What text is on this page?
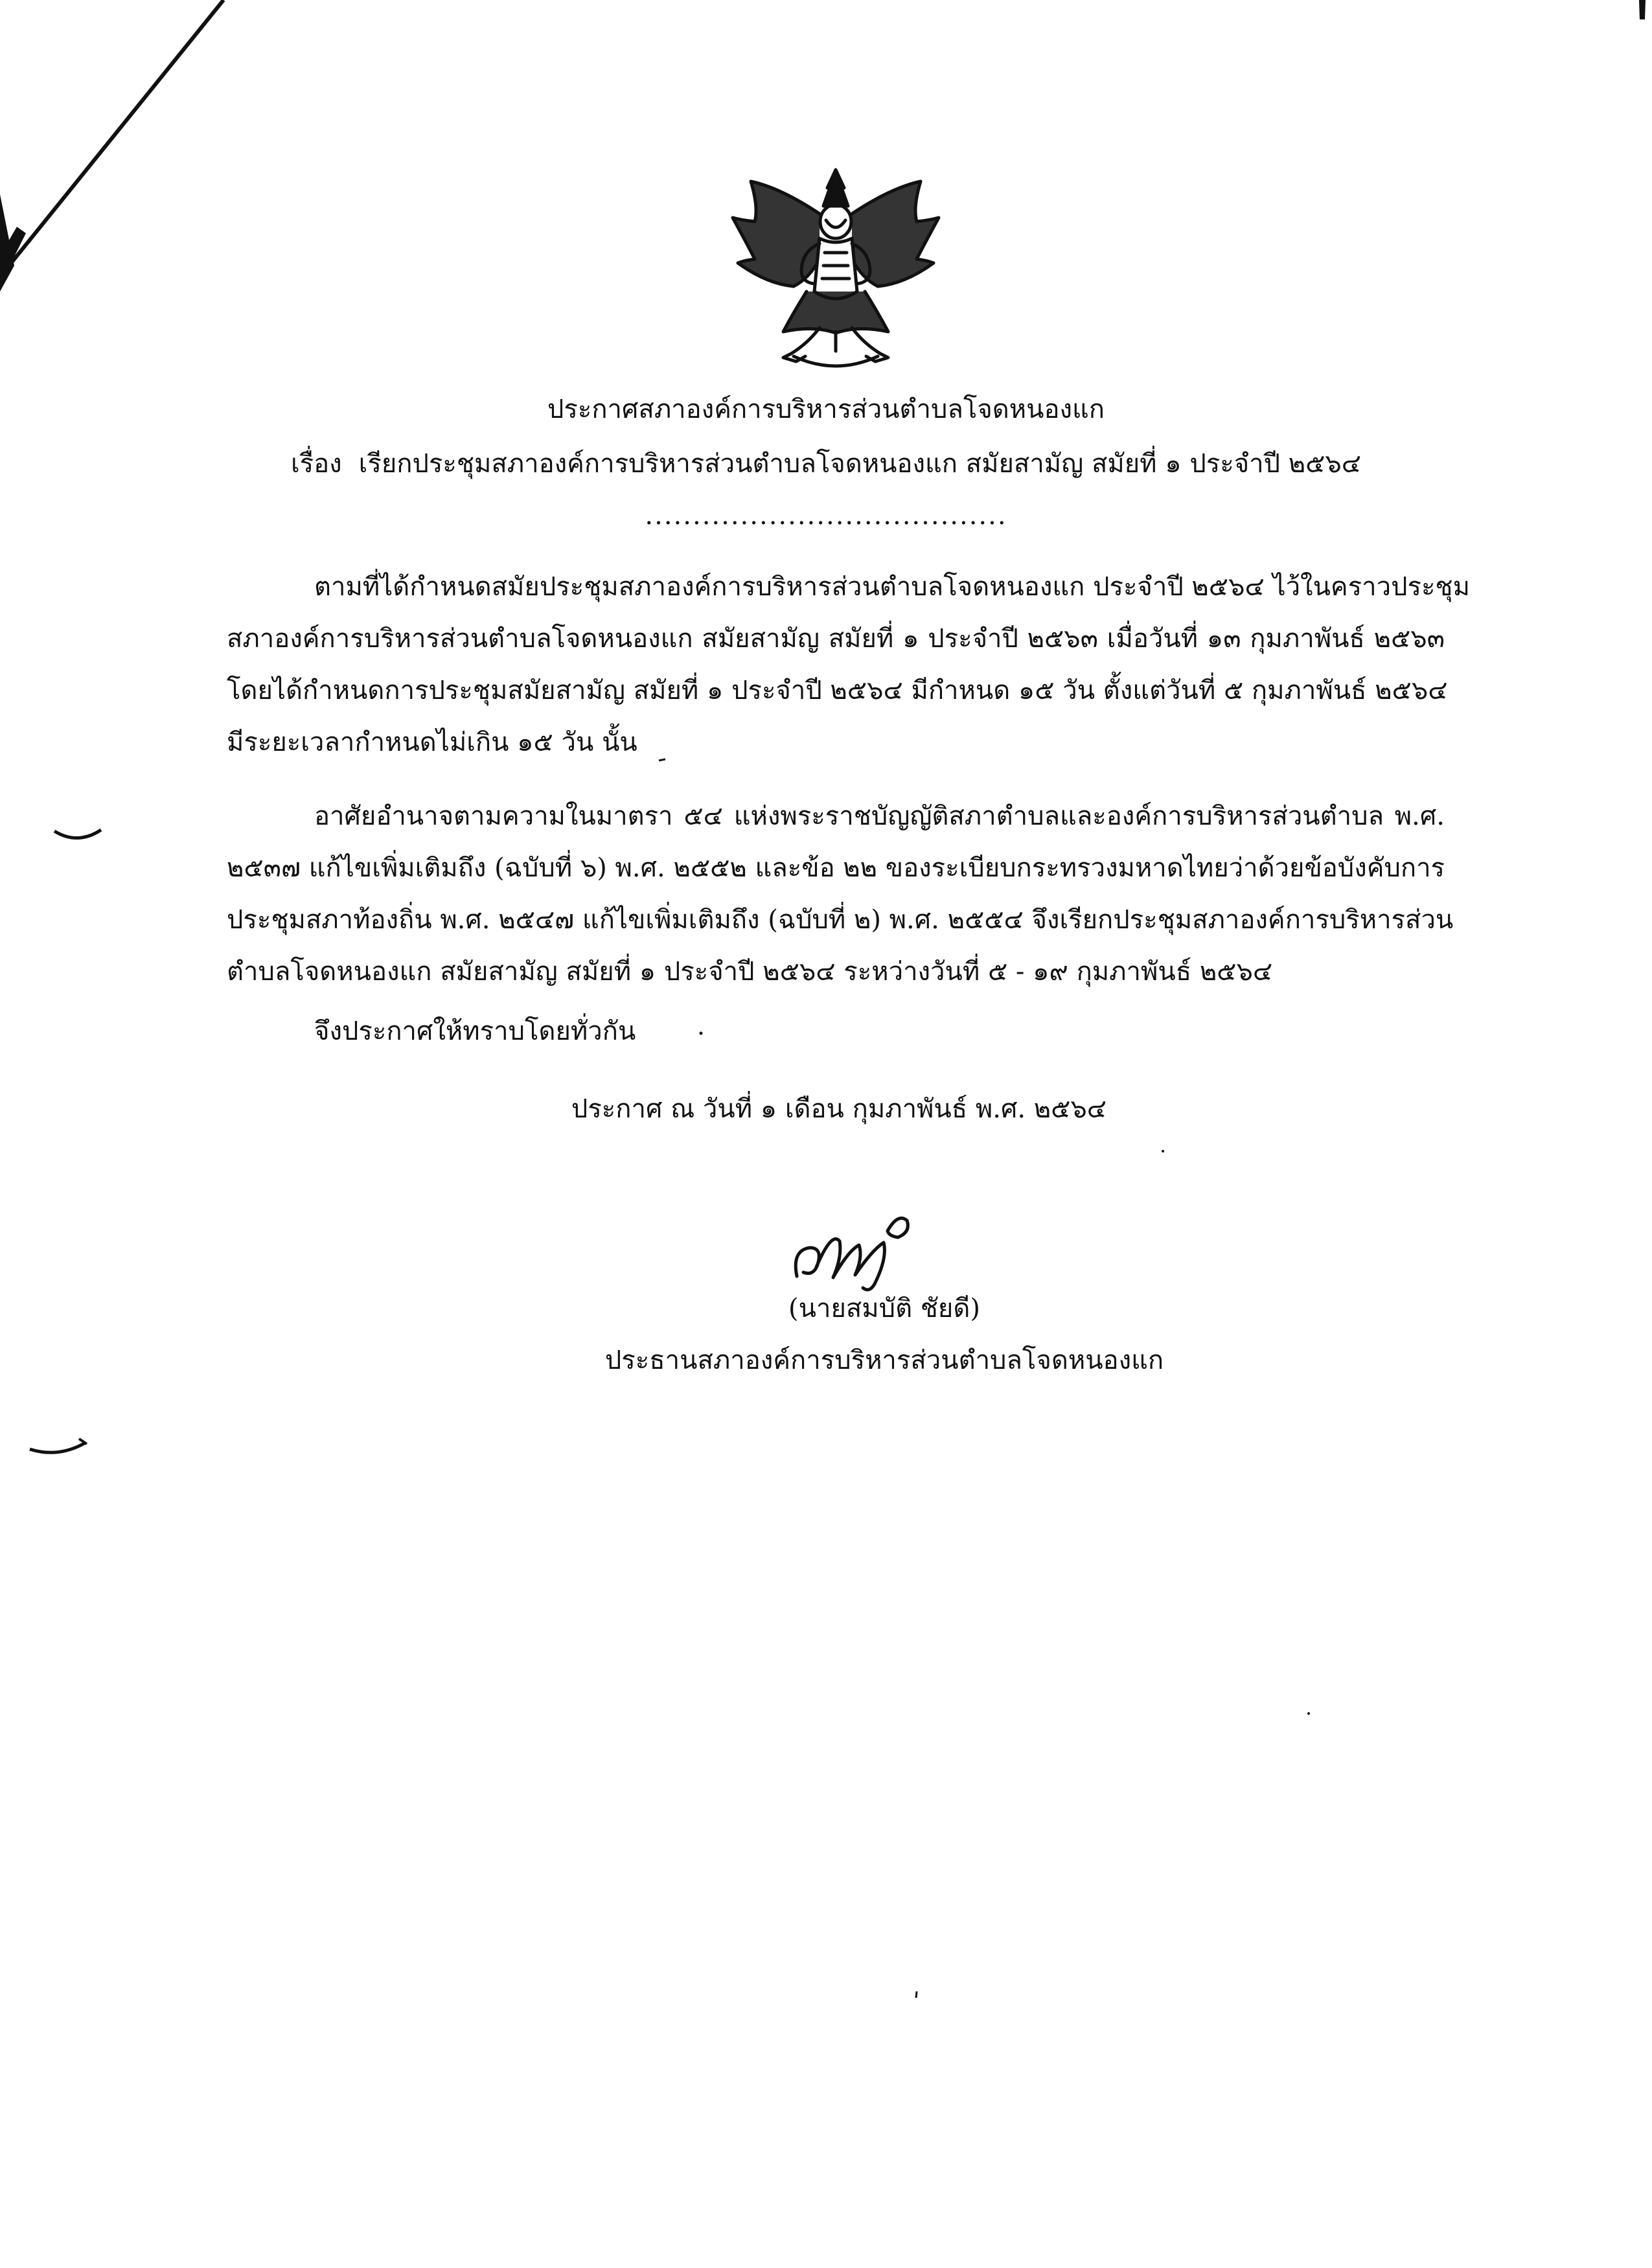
ประกาศสภาองค์การบริหารส่วนตำบลโจดหนองแก
เรื่อง เรียกประชุมสภาองค์การบริหารส่วนตำบลโจดหนองแก สมัยสามัญ สมัยที่ ๑ ประจำปี ๒๕๖๔
......................................
ตามที่ได้กำหนดสมัยประชุมสภาองค์การบริหารส่วนตำบลโจดหนองแก ประจำปี ๒๕๖๔ ไว้ในคราวประชุม
สภาองค์การบริหารส่วนตำบลโจดหนองแก สมัยสามัญ สมัยที่ ๑ ประจำปี ๒๕๖๓ เมื่อวันที่ ๑๓ กุมภาพันธ์ ๒๕๖๓
โดยได้กำหนดการประชุมสมัยสามัญ สมัยที่ ๑ ประจำปี ๒๕๖๔ มีกำหนด ๑๕ วัน ตั้งแต่วันที่ ๕ กุมภาพันธ์ ๒๕๖๔
มีระยะเวลากำหนดไม่เกิน ๑๕ วัน นั้น
อาศัยอำนาจตามความในมาตรา ๕๔ แห่งพระราชบัญญัติสภาตำบลและองค์การบริหารส่วนตำบล พ.ศ.
๒๕๓๗ แก้ไขเพิ่มเติมถึง (ฉบับที่ ๖) พ.ศ. ๒๕๕๒ และข้อ ๒๒ ของระเบียบกระทรวงมหาดไทยว่าด้วยข้อบังคับการ
ประชุมสภาท้องถิ่น พ.ศ. ๒๕๔๗ แก้ไขเพิ่มเติมถึง (ฉบับที่ ๒) พ.ศ. ๒๕๕๔ จึงเรียกประชุมสภาองค์การบริหารส่วน
ตำบลโจดหนองแก สมัยสามัญ สมัยที่ ๑ ประจำปี ๒๕๖๔ ระหว่างวันที่ ๕ - ๑๙ กุมภาพันธ์ ๒๕๖๔
จึงประกาศให้ทราบโดยทั่วกัน
ประกาศ ณ วันที่ ๑ เดือน กุมภาพันธ์ พ.ศ. ๒๕๖๔
(นายสมบัติ ชัยดี)
ประธานสภาองค์การบริหารส่วนตำบลโจดหนองแก
